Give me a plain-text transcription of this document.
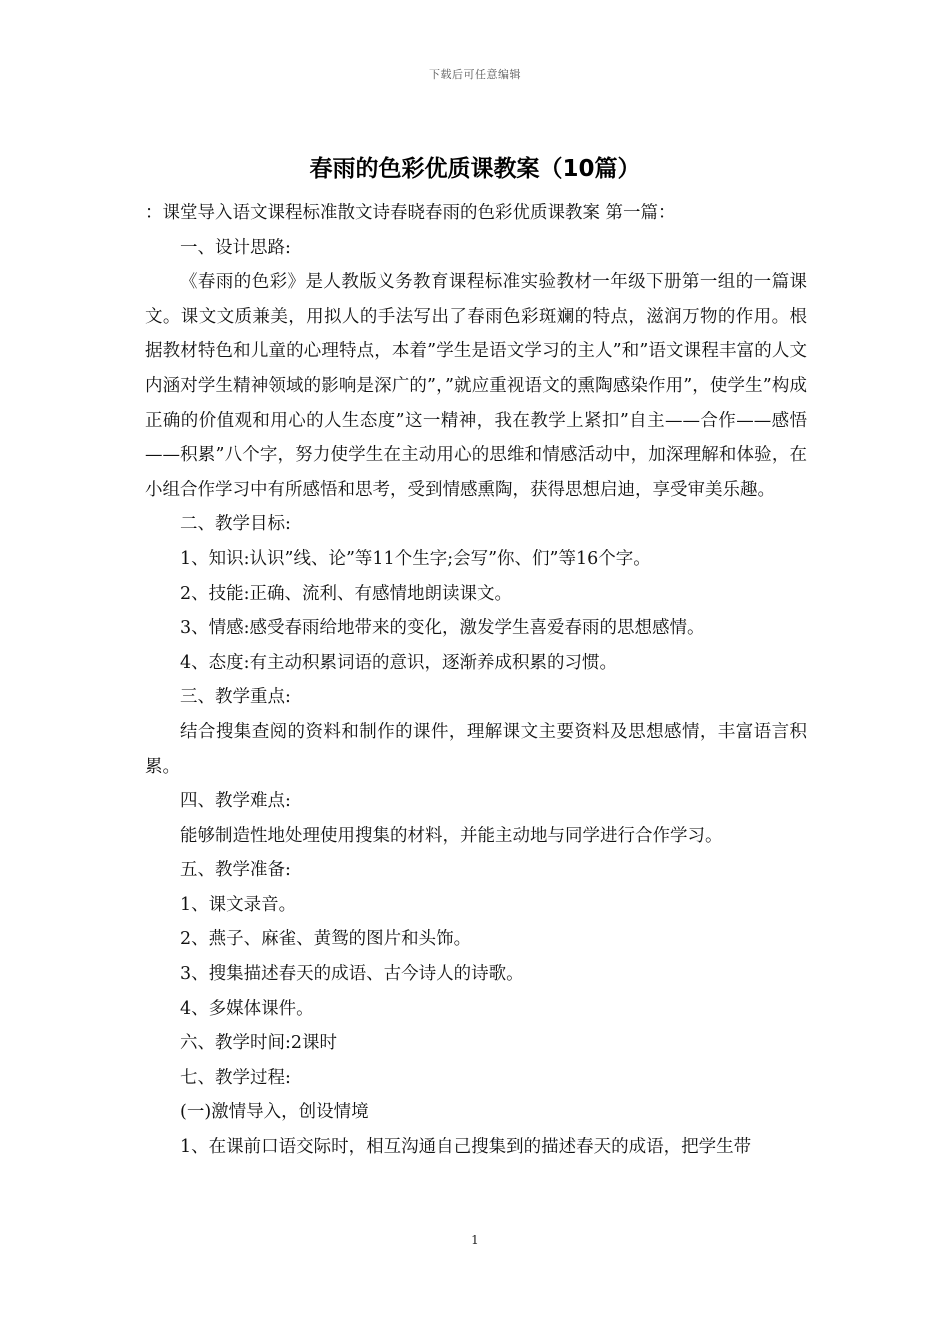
下载后可任意编辑
春雨的色彩优质课教案（10篇）

：课堂导入语文课程标准散文诗春晓春雨的色彩优质课教案 第一篇：

一、设计思路:

《春雨的色彩》是人教版义务教育课程标准实验教材一年级下册第一组的一篇课文。课文文质兼美，用拟人的手法写出了春雨色彩斑斓的特点，滋润万物的作用。根据教材特色和儿童的心理特点，本着”学生是语文学习的主人”和”语文课程丰富的人文内涵对学生精神领域的影响是深广的”，”就应重视语文的熏陶感染作用”，使学生”构成正确的价值观和用心的人生态度”这一精神，我在教学上紧扣”自主——合作——感悟——积累”八个字，努力使学生在主动用心的思维和情感活动中，加深理解和体验，在小组合作学习中有所感悟和思考，受到情感熏陶，获得思想启迪，享受审美乐趣。

二、教学目标:

1、知识:认识”线、论”等11个生字;会写”你、们”等16个字。

2、技能:正确、流利、有感情地朗读课文。

3、情感:感受春雨给地带来的变化，激发学生喜爱春雨的思想感情。

4、态度:有主动积累词语的意识，逐渐养成积累的习惯。

三、教学重点:

结合搜集查阅的资料和制作的课件，理解课文主要资料及思想感情，丰富语言积累。

四、教学难点:

能够制造性地处理使用搜集的材料，并能主动地与同学进行合作学习。

五、教学准备:

1、课文录音。

2、燕子、麻雀、黄鸳的图片和头饰。

3、搜集描述春天的成语、古今诗人的诗歌。

4、多媒体课件。

六、教学时间:2课时

七、教学过程:

(一)激情导入，创设情境

1、在课前口语交际时，相互沟通自己搜集到的描述春天的成语，把学生带

1
